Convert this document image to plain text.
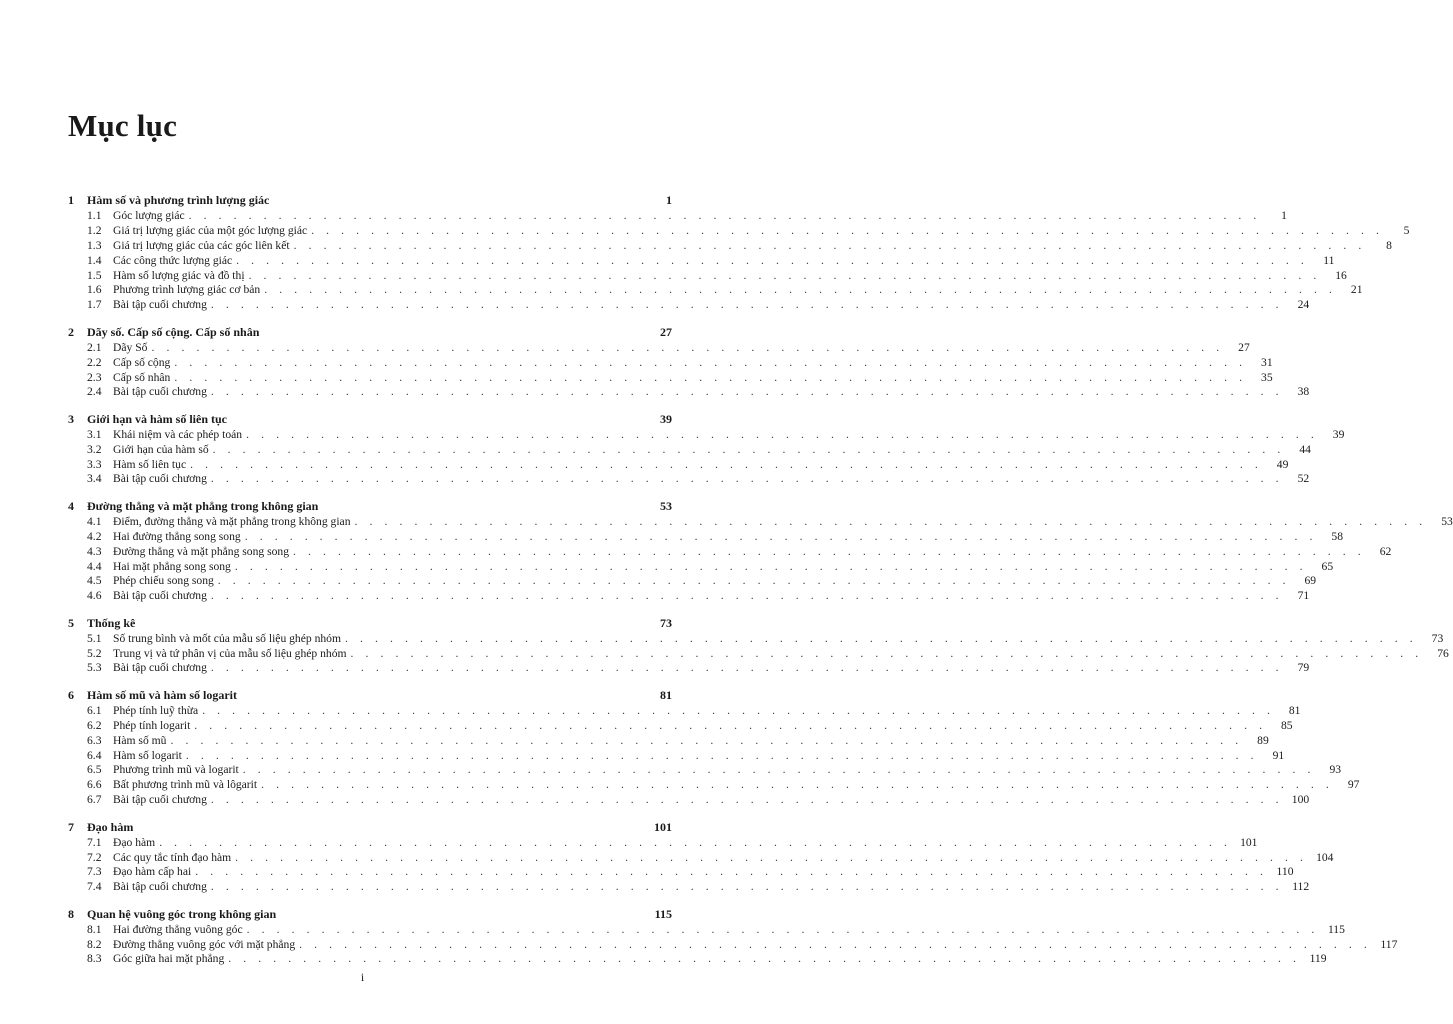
Mục lục
1	Hàm số và phương trình lượng giác	1
1.1 Góc lượng giác . . . . . . . . . . . . . . . . . . . . . . . . . . . . . . . . . . . . . . . . . . . . . . . . . . . . . . . . . . . . . . . . . . . . . . . .	1
1.2 Giá trị lượng giác của một góc lượng giác . . . . . . . . . . . . . . . . . . . . . . . . . . . . . . . . . . . . . . . . . . . . . . . . . . . . . . . . . . . . . . . . . . . . . . . .	5
1.3 Giá trị lượng giác của các góc liên kết . . . . . . . . . . . . . . . . . . . . . . . . . . . . . . . . . . . . . . . . . . . . . . . . . . . . . . . . . . . . . . . . . . . . . . . .	8
1.4 Các công thức lượng giác . . . . . . . . . . . . . . . . . . . . . . . . . . . . . . . . . . . . . . . . . . . . . . . . . . . . . . . . . . . . . . . . . . . . . . . .	11
1.5 Hàm số lượng giác và đồ thị . . . . . . . . . . . . . . . . . . . . . . . . . . . . . . . . . . . . . . . . . . . . . . . . . . . . . . . . . . . . . . . . . . . . . . . .	16
1.6 Phương trình lượng giác cơ bản . . . . . . . . . . . . . . . . . . . . . . . . . . . . . . . . . . . . . . . . . . . . . . . . . . . . . . . . . . . . . . . . . . . . . . . .	21
1.7 Bài tập cuối chương . . . . . . . . . . . . . . . . . . . . . . . . . . . . . . . . . . . . . . . . . . . . . . . . . . . . . . . . . . . . . . . . . . . . . . . .	24
2	Dãy số. Cấp số cộng. Cấp số nhân	27
2.1 Dãy Số . . . . . . . . . . . . . . . . . . . . . . . . . . . . . . . . . . . . . . . . . . . . . . . . . . . . . . . . . . . . . . . . . . . . . . . .	27
2.2 Cấp số cộng . . . . . . . . . . . . . . . . . . . . . . . . . . . . . . . . . . . . . . . . . . . . . . . . . . . . . . . . . . . . . . . . . . . . . . . .	31
2.3 Cấp số nhân . . . . . . . . . . . . . . . . . . . . . . . . . . . . . . . . . . . . . . . . . . . . . . . . . . . . . . . . . . . . . . . . . . . . . . . .	35
2.4 Bài tập cuối chương . . . . . . . . . . . . . . . . . . . . . . . . . . . . . . . . . . . . . . . . . . . . . . . . . . . . . . . . . . . . . . . . . . . . . . . .	38
3	Giới hạn và hàm số liên tục	39
3.1 Khái niệm và các phép toán . . . . . . . . . . . . . . . . . . . . . . . . . . . . . . . . . . . . . . . . . . . . . . . . . . . . . . . . . . . . . . . . . . . . . . . .	39
3.2 Giới hạn của hàm số . . . . . . . . . . . . . . . . . . . . . . . . . . . . . . . . . . . . . . . . . . . . . . . . . . . . . . . . . . . . . . . . . . . . . . . .	44
3.3 Hàm số liên tục . . . . . . . . . . . . . . . . . . . . . . . . . . . . . . . . . . . . . . . . . . . . . . . . . . . . . . . . . . . . . . . . . . . . . . . .	49
3.4 Bài tập cuối chương . . . . . . . . . . . . . . . . . . . . . . . . . . . . . . . . . . . . . . . . . . . . . . . . . . . . . . . . . . . . . . . . . . . . . . . .	52
4	Đường thẳng và mặt phẳng trong không gian	53
4.1 Điểm, đường thẳng và mặt phẳng trong không gian . . . . . . . . . . . . . . . . . . . . . . . . . . . . . . . . . . . . . . . . . . . . . . . . . . . . . . . . . . . . . . . . . . . . . . . .	53
4.2 Hai đường thẳng song song . . . . . . . . . . . . . . . . . . . . . . . . . . . . . . . . . . . . . . . . . . . . . . . . . . . . . . . . . . . . . . . . . . . . . . . .	58
4.3 Đường thẳng và mặt phẳng song song . . . . . . . . . . . . . . . . . . . . . . . . . . . . . . . . . . . . . . . . . . . . . . . . . . . . . . . . . . . . . . . . . . . . . . . .	62
4.4 Hai mặt phẳng song song . . . . . . . . . . . . . . . . . . . . . . . . . . . . . . . . . . . . . . . . . . . . . . . . . . . . . . . . . . . . . . . . . . . . . . . .	65
4.5 Phép chiếu song song . . . . . . . . . . . . . . . . . . . . . . . . . . . . . . . . . . . . . . . . . . . . . . . . . . . . . . . . . . . . . . . . . . . . . . . .	69
4.6 Bài tập cuối chương . . . . . . . . . . . . . . . . . . . . . . . . . . . . . . . . . . . . . . . . . . . . . . . . . . . . . . . . . . . . . . . . . . . . . . . .	71
5	Thống kê	73
5.1 Số trung bình và mốt của mẫu số liệu ghép nhóm . . . . . . . . . . . . . . . . . . . . . . . . . . . . . . . . . . . . . . . . . . . . . . . . . . . . . . . . . . . . . . . . . . . . . . . .	73
5.2 Trung vị và tứ phân vị của mẫu số liệu ghép nhóm . . . . . . . . . . . . . . . . . . . . . . . . . . . . . . . . . . . . . . . . . . . . . . . . . . . . . . . . . . . . . . . . . . . . . . . .	76
5.3 Bài tập cuối chương . . . . . . . . . . . . . . . . . . . . . . . . . . . . . . . . . . . . . . . . . . . . . . . . . . . . . . . . . . . . . . . . . . . . . . . .	79
6	Hàm số mũ và hàm số logarit	81
6.1 Phép tính luỹ thừa . . . . . . . . . . . . . . . . . . . . . . . . . . . . . . . . . . . . . . . . . . . . . . . . . . . . . . . . . . . . . . . . . . . . . . . .	81
6.2 Phép tính logarit . . . . . . . . . . . . . . . . . . . . . . . . . . . . . . . . . . . . . . . . . . . . . . . . . . . . . . . . . . . . . . . . . . . . . . . .	85
6.3 Hàm số mũ . . . . . . . . . . . . . . . . . . . . . . . . . . . . . . . . . . . . . . . . . . . . . . . . . . . . . . . . . . . . . . . . . . . . . . . .	89
6.4 Hàm số logarit . . . . . . . . . . . . . . . . . . . . . . . . . . . . . . . . . . . . . . . . . . . . . . . . . . . . . . . . . . . . . . . . . . . . . . . .	91
6.5 Phương trình mũ và logarit . . . . . . . . . . . . . . . . . . . . . . . . . . . . . . . . . . . . . . . . . . . . . . . . . . . . . . . . . . . . . . . . . . . . . . . .	93
6.6 Bất phương trình mũ và lôgarit . . . . . . . . . . . . . . . . . . . . . . . . . . . . . . . . . . . . . . . . . . . . . . . . . . . . . . . . . . . . . . . . . . . . . . . .	97
6.7 Bài tập cuối chương . . . . . . . . . . . . . . . . . . . . . . . . . . . . . . . . . . . . . . . . . . . . . . . . . . . . . . . . . . . . . . . . . . . . . . . . 100
7	Đạo hàm	101
7.1 Đạo hàm . . . . . . . . . . . . . . . . . . . . . . . . . . . . . . . . . . . . . . . . . . . . . . . . . . . . . . . . . . . . . . . . . . . . . . . . 101
7.2 Các quy tắc tính đạo hàm . . . . . . . . . . . . . . . . . . . . . . . . . . . . . . . . . . . . . . . . . . . . . . . . . . . . . . . . . . . . . . . . . . . . . . . . 104
7.3 Đạo hàm cấp hai . . . . . . . . . . . . . . . . . . . . . . . . . . . . . . . . . . . . . . . . . . . . . . . . . . . . . . . . . . . . . . . . . . . . . . . . 110
7.4 Bài tập cuối chương . . . . . . . . . . . . . . . . . . . . . . . . . . . . . . . . . . . . . . . . . . . . . . . . . . . . . . . . . . . . . . . . . . . . . . . . 112
8	Quan hệ vuông góc trong không gian	115
8.1 Hai đường thẳng vuông góc . . . . . . . . . . . . . . . . . . . . . . . . . . . . . . . . . . . . . . . . . . . . . . . . . . . . . . . . . . . . . . . . . . . . . . . . 115
8.2 Đường thẳng vuông góc với mặt phẳng . . . . . . . . . . . . . . . . . . . . . . . . . . . . . . . . . . . . . . . . . . . . . . . . . . . . . . . . . . . . . . . . . . . . . . . . 117
8.3 Góc giữa hai mặt phẳng . . . . . . . . . . . . . . . . . . . . . . . . . . . . . . . . . . . . . . . . . . . . . . . . . . . . . . . . . . . . . . . . . . . . . . . . 119
i
